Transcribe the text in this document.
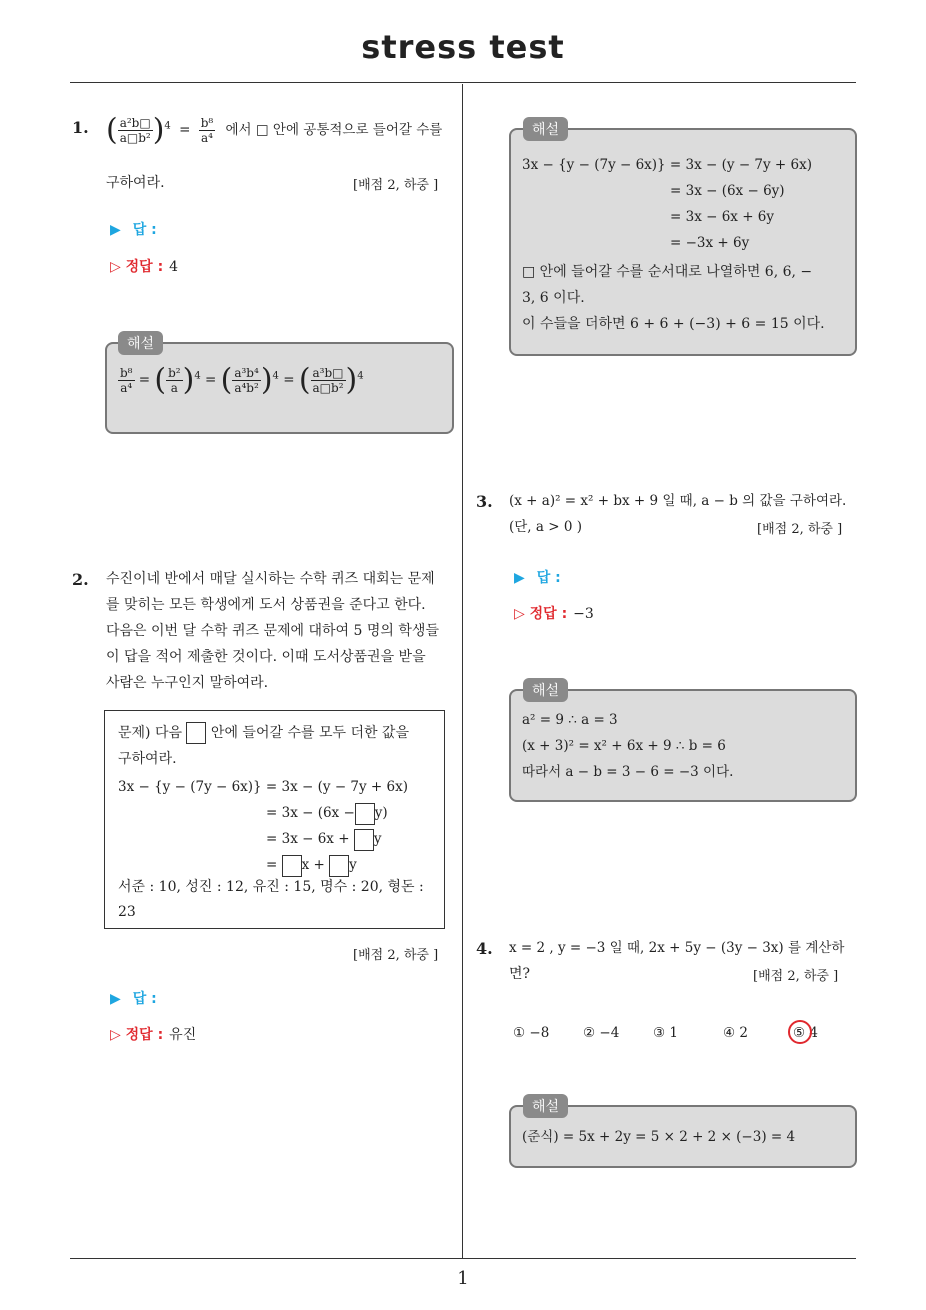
stress test
1. ( $\frac{\text{a²b□}}{\text{a□b²}} )^4 = \frac{\text{b⁸}}{\text{a⁴}}$ 에서 □ 안에 공통적으로 들어갈 수를
구하여라.	[배점 2, 하중 ]
▶ 답 :
▷ 정답 : 4
해설
$\frac{\text{b⁸}}{\text{a⁴}}$ = ( $\frac{\text{b²}}{a} )^4$ = ( $\frac{\text{a³b⁴}}{\text{a⁴b²}} )^4$ = ( $\frac{\text{a³b□}}{\text{a□b²}} )^4$
2. 수진이네 반에서 매달 실시하는 수학 퀴즈 대회는 문제
를 맞히는 모든 학생에게 도서 상품권을 준다고 한다.
다음은 이번 달 수학 퀴즈 문제에 대하여 5 명의 학생들
이 답을 적어 제출한 것이다. 이때 도서상품권을 받을
사람은 누구인지 말하여라.
문제) 다음 안에 들어갈 수를 모두 더한 값을
구하여라.
3x − {y − (7y − 6x)} = 3x − (y − 7y + 6x)
= 3x − (6x − y)
= 3x − 6x + y
= x + y
서준 : 10, 성진 : 12, 유진 : 15, 명수 : 20, 형돈 :
23
[배점 2, 하중 ]
▶ 답 :
▷ 정답 : 유진
해설
3x − {y − (7y − 6x)} = 3x − (y − 7y + 6x)
= 3x − (6x − 6y)
= 3x − 6x + 6y
= −3x + 6y
□ 안에 들어갈 수를 순서대로 나열하면 6, 6, −
3, 6 이다.
이 수들을 더하면 6 + 6 + (−3) + 6 = 15 이다.
3. (x + a)² = x² + bx + 9 일 때, a − b 의 값을 구하여라.
(단, a > 0 )	[배점 2, 하중 ]
▶ 답 :
▷ 정답 : −3
해설
a² = 9 ∴ a = 3
(x + 3)² = x² + 6x + 9 ∴ b = 6
따라서 a − b = 3 − 6 = −3 이다.
4. x = 2 , y = −3 일 때, 2x + 5y − (3y − 3x) 를 계산하
면?	[배점 2, 하중 ]
① −8 ② −4 ③ 1	④ 2	⑤ 4
해설
(준식) = 5x + 2y = 5 × 2 + 2 × (−3) = 4
1
